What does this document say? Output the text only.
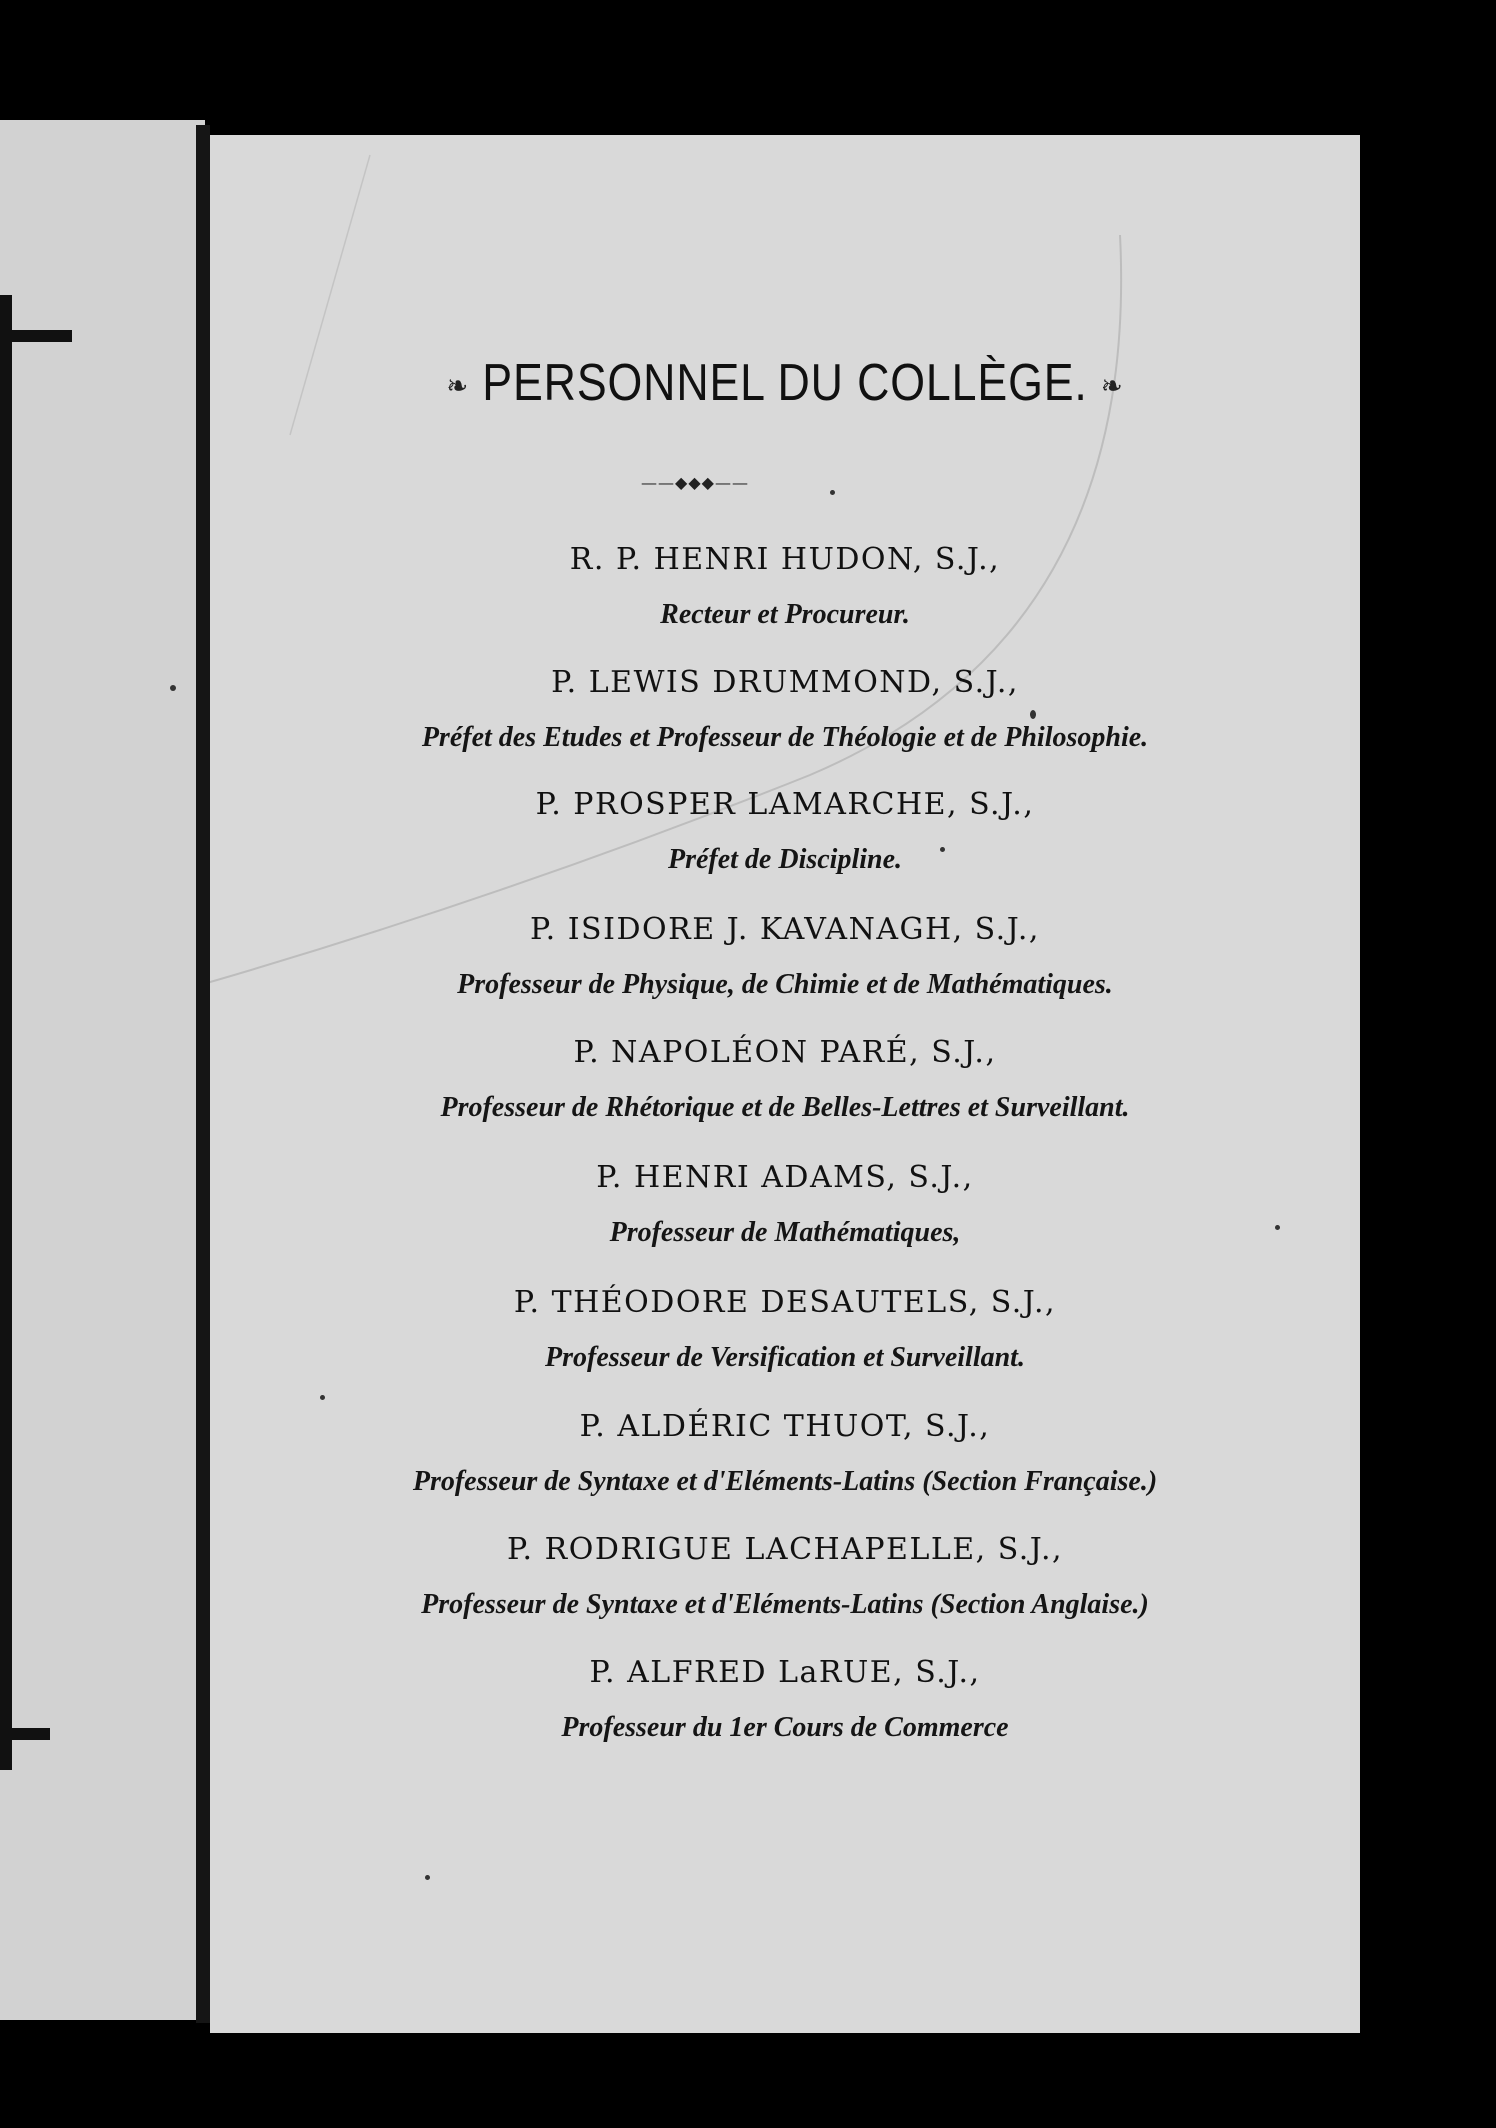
❧ PERSONNEL DU COLLÈGE. ❧
——◆◆◆——
R. P. HENRI HUDON, S.J.,
Recteur et Procureur.
P. LEWIS DRUMMOND, S.J.,
Préfet des Etudes et Professeur de Théologie et de Philosophie.
P. PROSPER LAMARCHE, S.J.,
Préfet de Discipline.
P. ISIDORE J. KAVANAGH, S.J.,
Professeur de Physique, de Chimie et de Mathématiques.
P. NAPOLÉON PARÉ, S.J.,
Professeur de Rhétorique et de Belles-Lettres et Surveillant.
P. HENRI ADAMS, S.J.,
Professeur de Mathématiques,
P. THÉODORE DESAUTELS, S.J.,
Professeur de Versification et Surveillant.
P. ALDÉRIC THUOT, S.J.,
Professeur de Syntaxe et d'Eléments-Latins (Section Française.)
P. RODRIGUE LACHAPELLE, S.J.,
Professeur de Syntaxe et d'Eléments-Latins (Section Anglaise.)
P. ALFRED LaRUE, S.J.,
Professeur du 1er Cours de Commerce
